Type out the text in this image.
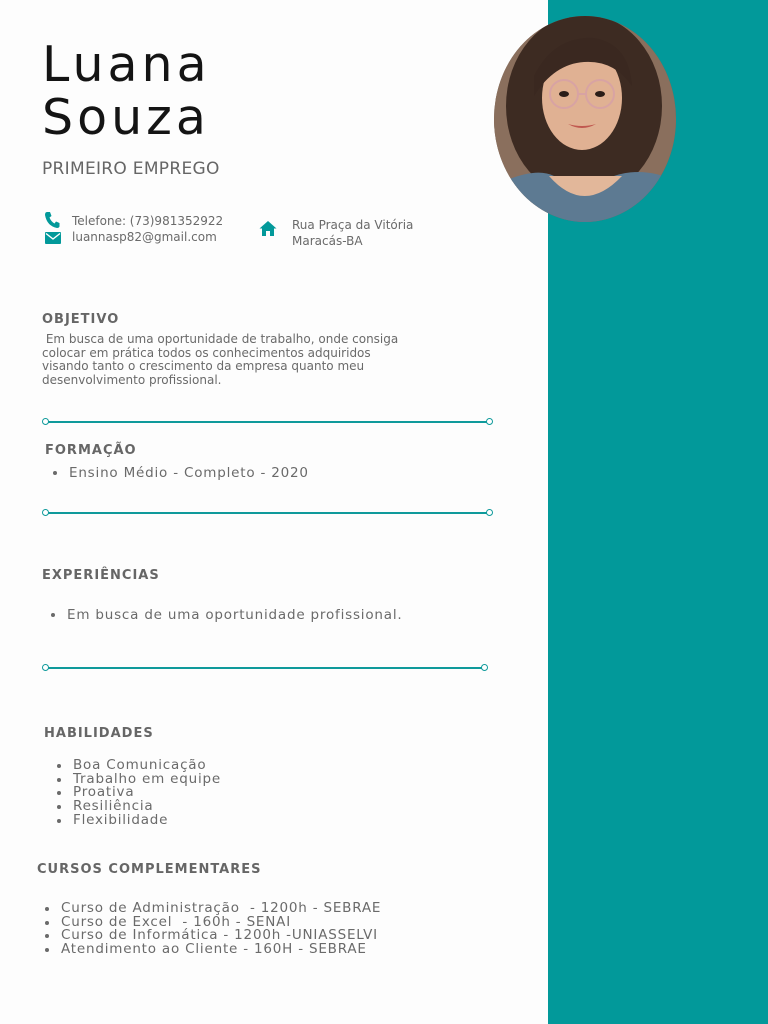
Luana
Souza
PRIMEIRO EMPREGO
Telefone: (73)981352922
luannasp82@gmail.com
Rua Praça da Vitória
Maracás-BA
OBJETIVO
Em busca de uma oportunidade de trabalho, onde consiga
colocar em prática todos os conhecimentos adquiridos
visando tanto o crescimento da empresa quanto meu
desenvolvimento profissional.
FORMAÇÃO
Ensino Médio - Completo - 2020
EXPERIÊNCIAS
Em busca de uma oportunidade profissional.
HABILIDADES
Boa Comunicação
Trabalho em equipe
Proativa
Resiliência
Flexibilidade
CURSOS COMPLEMENTARES
Curso de Administração  - 1200h - SEBRAE
Curso de Excel  - 160h - SENAI
Curso de Informática - 1200h -UNIASSELVI
Atendimento ao Cliente - 160H - SEBRAE
